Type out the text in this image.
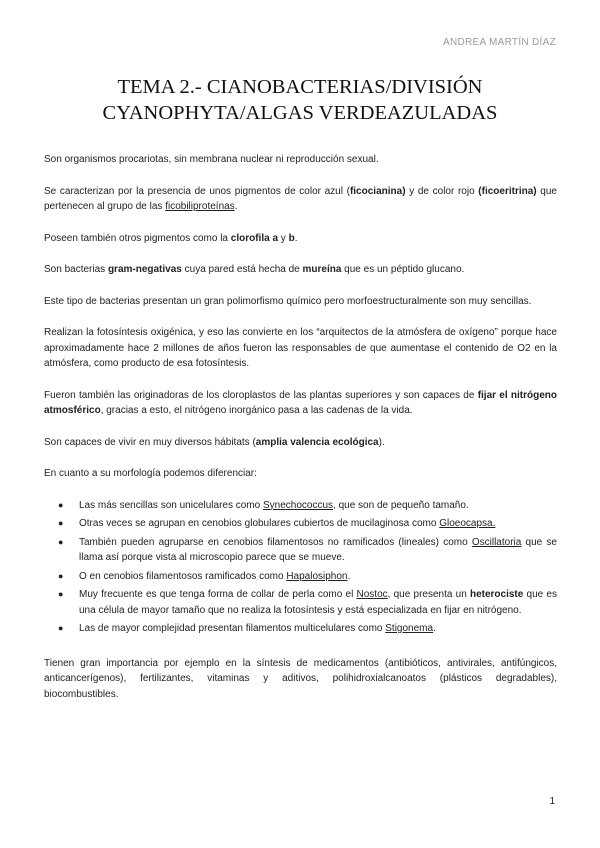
ANDREA MARTÍN DÍAZ
TEMA 2.- CIANOBACTERIAS/DIVISIÓN
CYANOPHYTA/ALGAS VERDEAZULADAS

Son organismos procariotas, sin membrana nuclear ni reproducción sexual.

Se caracterizan por la presencia de unos pigmentos de color azul (ficocianina) y de color rojo (ficoeritrina) que pertenecen al grupo de las ficobiliproteínas.

Poseen también otros pigmentos como la clorofila a y b.

Son bacterias gram-negativas cuya pared está hecha de mureína que es un péptido glucano.

Este tipo de bacterias presentan un gran polimorfismo químico pero morfoestructuralmente son muy sencillas.

Realizan la fotosíntesis oxigénica, y eso las convierte en los “arquitectos de la atmósfera de oxígeno” porque hace aproximadamente hace 2 millones de años fueron las responsables de que aumentase el contenido de O2 en la atmósfera, como producto de esa fotosíntesis.

Fueron también las originadoras de los cloroplastos de las plantas superiores y son capaces de fijar el nitrógeno atmosférico, gracias a esto, el nitrógeno inorgánico pasa a las cadenas de la vida.

Son capaces de vivir en muy diversos hábitats (amplia valencia ecológica).

En cuanto a su morfología podemos diferenciar:

● Las más sencillas son unicelulares como Synechococcus, que son de pequeño tamaño.
● Otras veces se agrupan en cenobios globulares cubiertos de mucilaginosa como Gloeocapsa.
● También pueden agruparse en cenobios filamentosos no ramificados (lineales) como Oscillatoria que se llama así porque vista al microscopio parece que se mueve.
● O en cenobios filamentosos ramificados como Hapalosiphon.
● Muy frecuente es que tenga forma de collar de perla como el Nostoc, que presenta un heterociste que es una célula de mayor tamaño que no realiza la fotosíntesis y está especializada en fijar en nitrógeno.
● Las de mayor complejidad presentan filamentos multicelulares como Stigonema.

Tienen gran importancia por ejemplo en la síntesis de medicamentos (antibióticos, antivirales, antifúngicos, anticancerígenos), fertilizantes, vitaminas y aditivos, polihidroxialcanoatos (plásticos degradables), biocombustibles.

1
